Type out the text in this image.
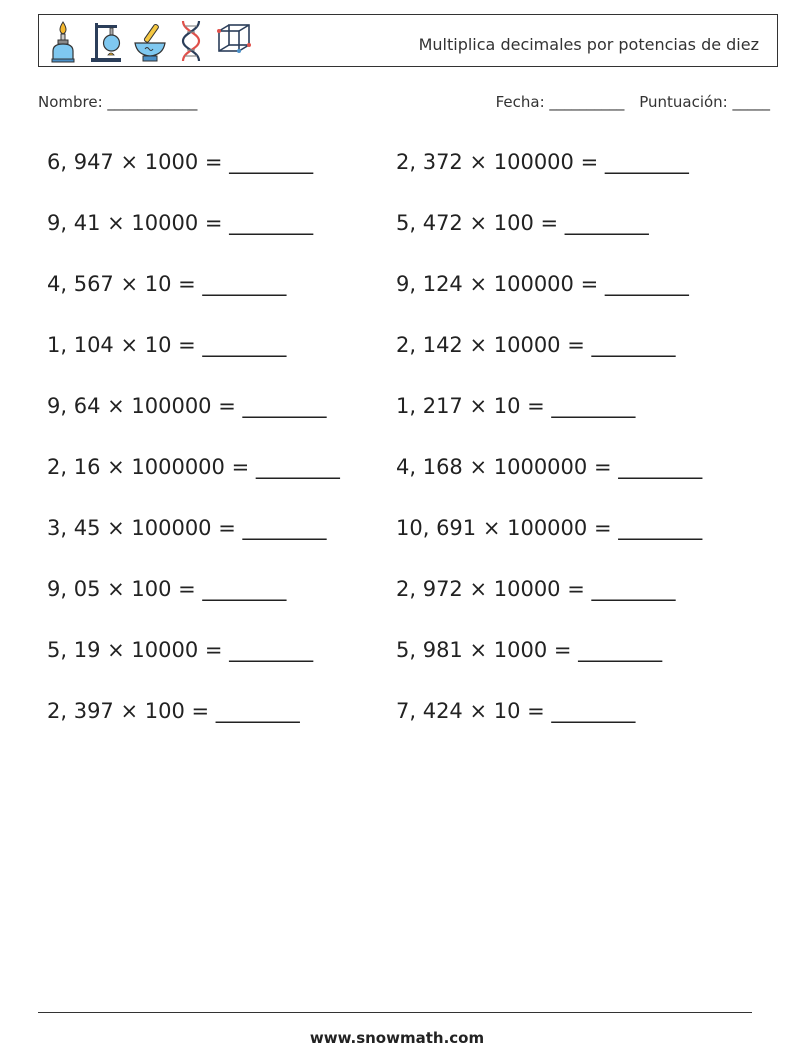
Multiplica decimales por potencias de diez
Nombre: ____________	Fecha: __________ Puntuación: _____
6, 947 × 1000 = ________
9, 41 × 10000 = ________
4, 567 × 10 = ________
1, 104 × 10 = ________
9, 64 × 100000 = ________
2, 16 × 1000000 = ________
3, 45 × 100000 = ________
9, 05 × 100 = ________
5, 19 × 10000 = ________
2, 397 × 100 = ________
2, 372 × 100000 = ________
5, 472 × 100 = ________
9, 124 × 100000 = ________
2, 142 × 10000 = ________
1, 217 × 10 = ________
4, 168 × 1000000 = ________
10, 691 × 100000 = ________
2, 972 × 10000 = ________
5, 981 × 1000 = ________
7, 424 × 10 = ________
www.snowmath.com
